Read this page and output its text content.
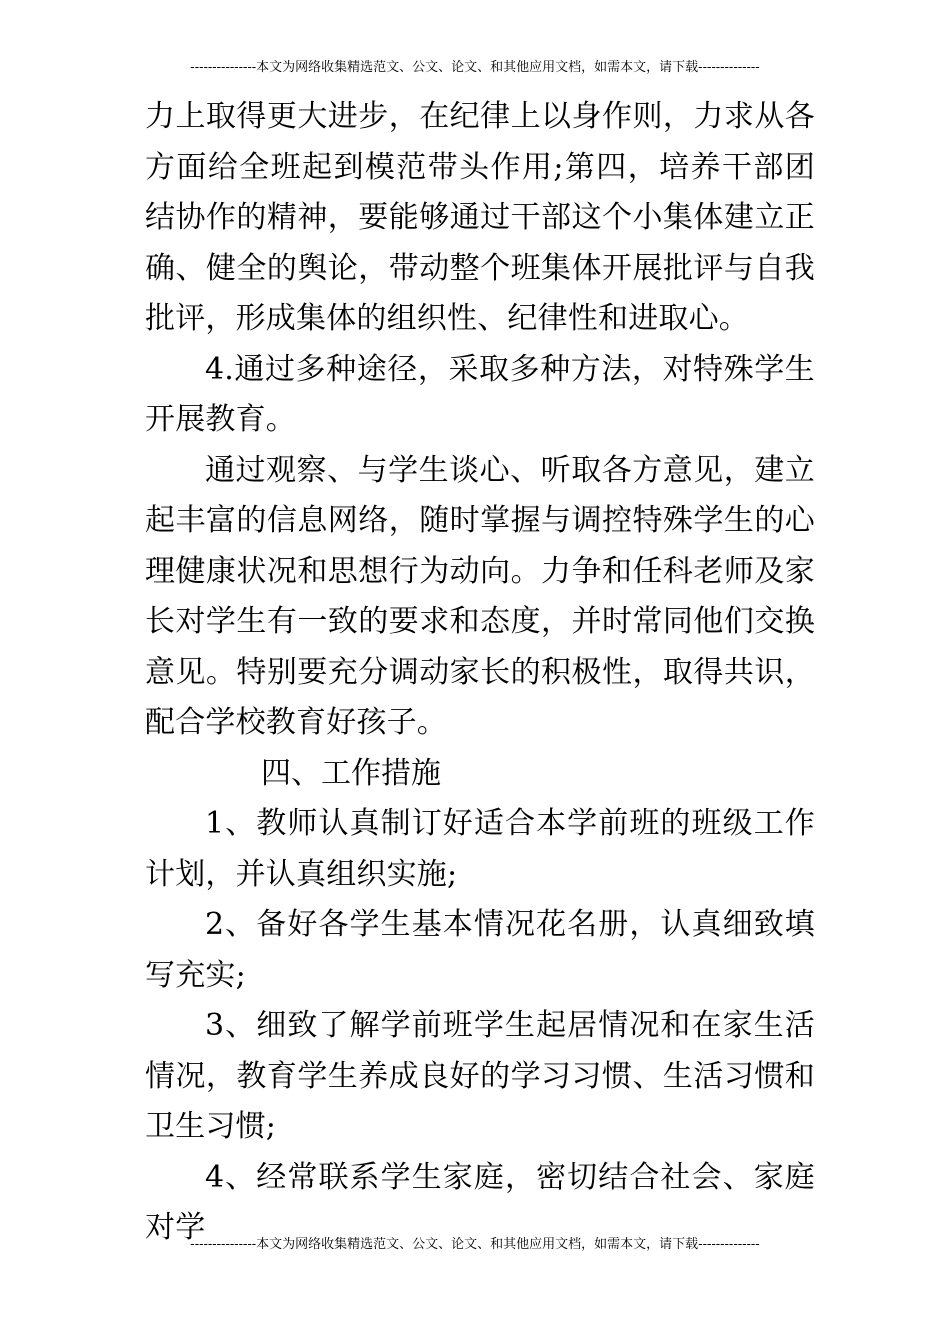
---------------本文为网络收集精选范文、公文、论文、和其他应用文档，如需本文，请下载--------------

力上取得更大进步，在纪律上以身作则，力求从各方面给全班起到模范带头作用;第四，培养干部团结协作的精神，要能够通过干部这个小集体建立正确、健全的舆论，带动整个班集体开展批评与自我批评，形成集体的组织性、纪律性和进取心。

4.通过多种途径，采取多种方法，对特殊学生开展教育。

通过观察、与学生谈心、听取各方意见，建立起丰富的信息网络，随时掌握与调控特殊学生的心理健康状况和思想行为动向。力争和任科老师及家长对学生有一致的要求和态度，并时常同他们交换意见。特别要充分调动家长的积极性，取得共识，配合学校教育好孩子。

四、工作措施

1、教师认真制订好适合本学前班的班级工作计划，并认真组织实施;

2、备好各学生基本情况花名册，认真细致填写充实;

3、细致了解学前班学生起居情况和在家生活情况，教育学生养成良好的学习习惯、生活习惯和卫生习惯;

4、经常联系学生家庭，密切结合社会、家庭对学

---------------本文为网络收集精选范文、公文、论文、和其他应用文档，如需本文，请下载--------------
